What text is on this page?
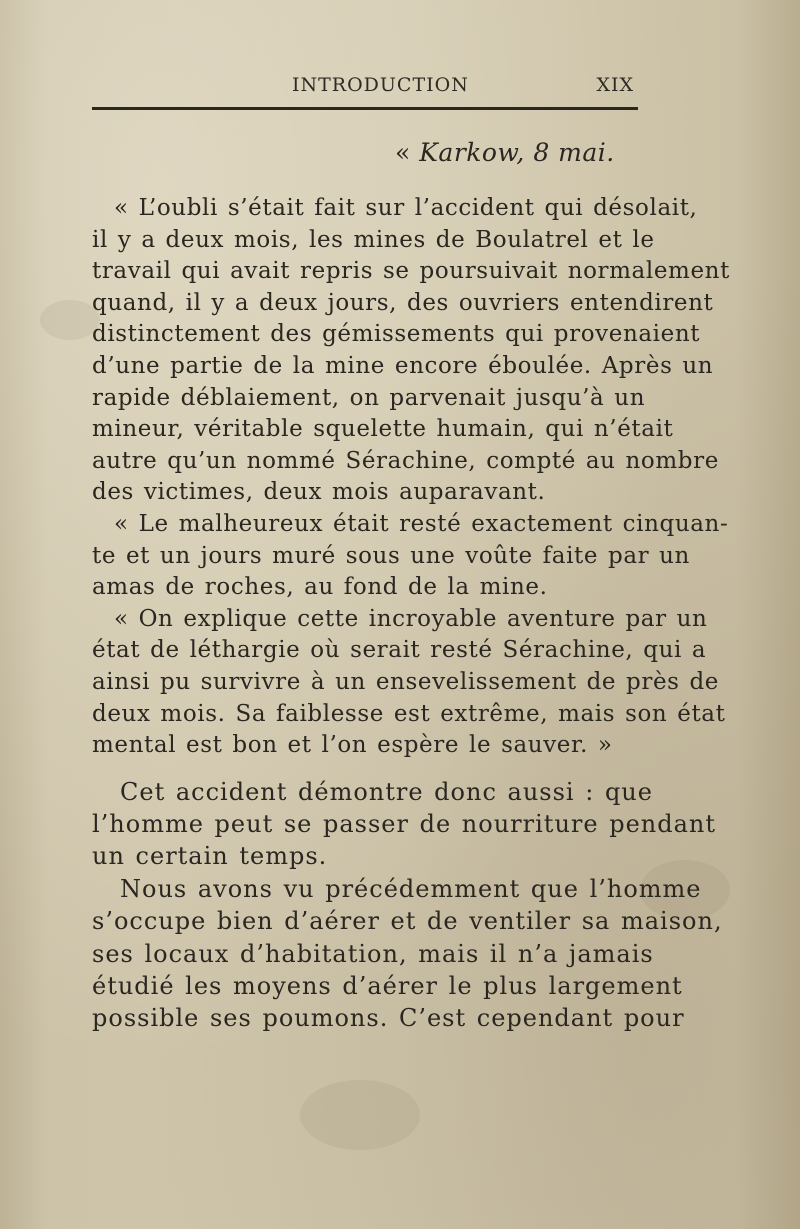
INTRODUCTION	XIX
« Karkow, 8 mai.
« L’oubli s’était fait sur l’accident qui désolait,
il y a deux mois, les mines de Boulatrel et le
travail qui avait repris se poursuivait normalement
quand, il y a deux jours, des ouvriers entendirent
distinctement des gémissements qui provenaient
d’une partie de la mine encore éboulée. Après un
rapide déblaiement, on parvenait jusqu’à un
mineur, véritable squelette humain, qui n’était
autre qu’un nommé Sérachine, compté au nombre
des victimes, deux mois auparavant.
« Le malheureux était resté exactement cinquan-
te et un jours muré sous une voûte faite par un
amas de roches, au fond de la mine.
« On explique cette incroyable aventure par un
état de léthargie où serait resté Sérachine, qui a
ainsi pu survivre à un ensevelissement de près de
deux mois. Sa faiblesse est extrême, mais son état
mental est bon et l’on espère le sauver. »
Cet accident démontre donc aussi : que
l’homme peut se passer de nourriture pendant
un certain temps.
Nous avons vu précédemment que l’homme
s’occupe bien d’aérer et de ventiler sa maison,
ses locaux d’habitation, mais il n’a jamais
étudié les moyens d’aérer le plus largement
possible ses poumons. C’est cependant pour
